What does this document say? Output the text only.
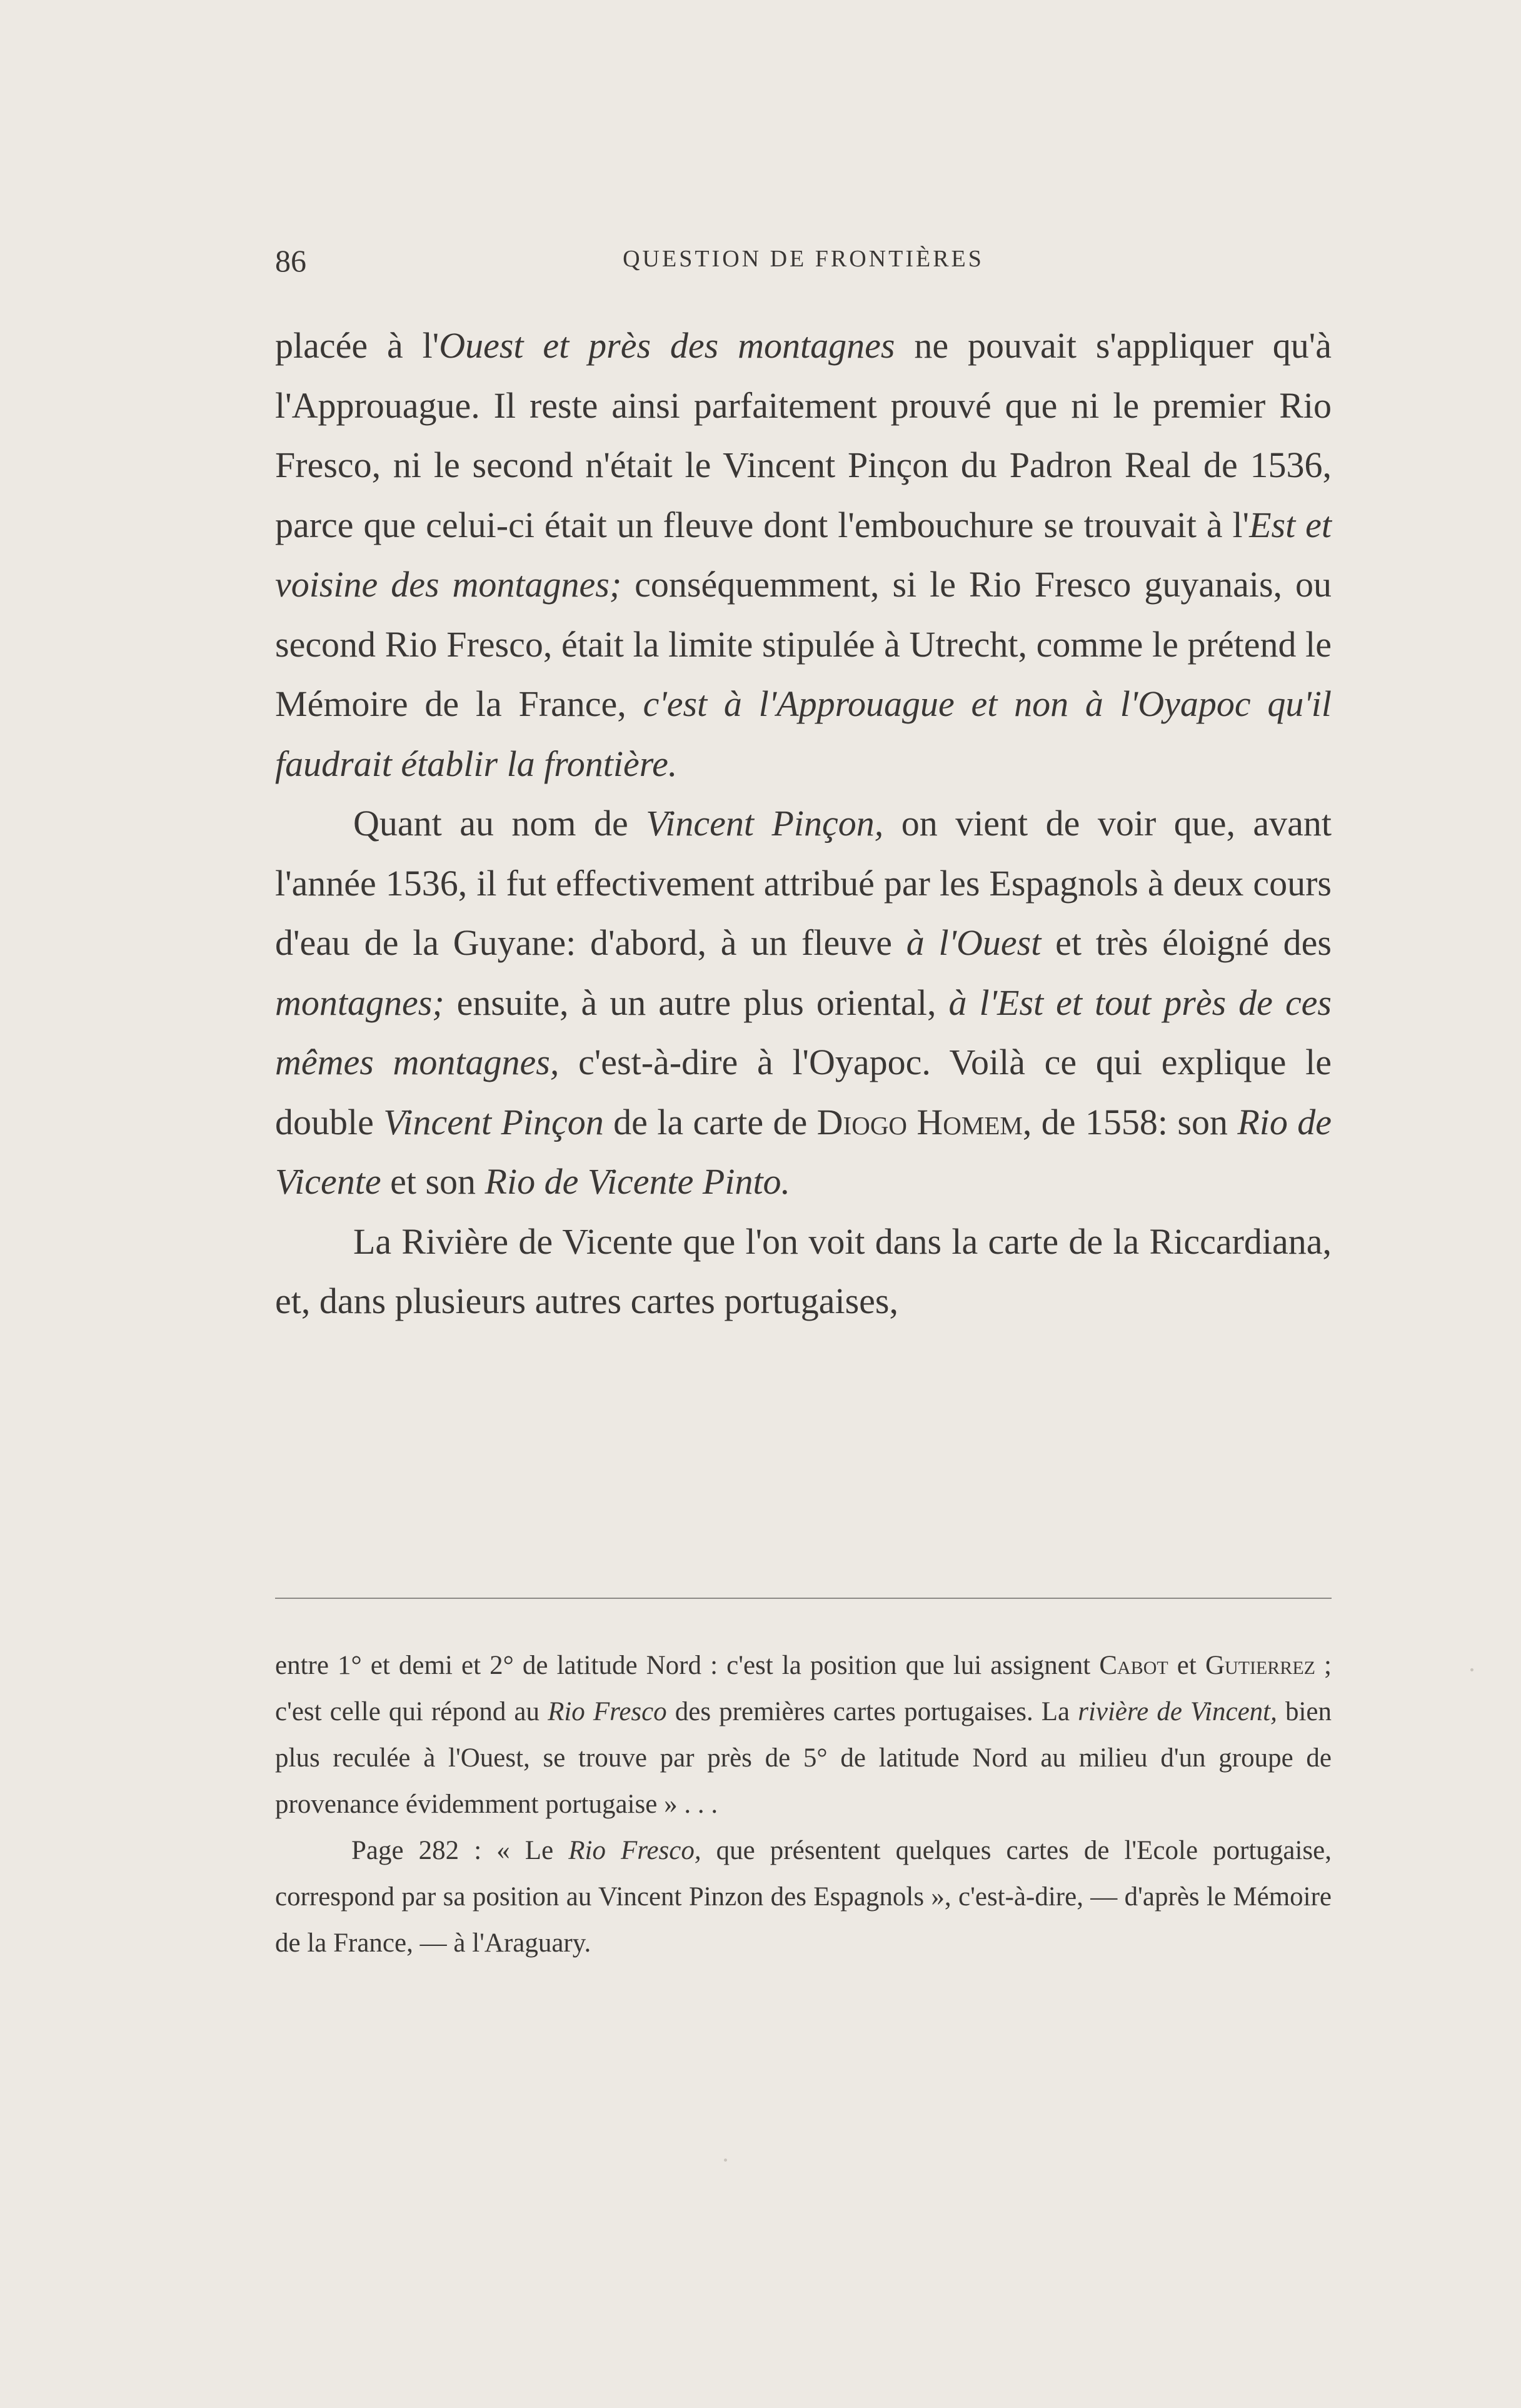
86	QUESTION DE FRONTIÈRES

placée à l'Ouest et près des montagnes ne pouvait s'appliquer qu'à l'Approuague. Il reste ainsi parfaitement prouvé que ni le premier Rio Fresco, ni le second n'était le Vincent Pinçon du Padron Real de 1536, parce que celui-ci était un fleuve dont l'embouchure se trouvait à l'Est et voisine des montagnes; conséquemment, si le Rio Fresco guyanais, ou second Rio Fresco, était la limite stipulée à Utrecht, comme le prétend le Mémoire de la France, c'est à l'Approuague et non à l'Oyapoc qu'il faudrait établir la frontière.

Quant au nom de Vincent Pinçon, on vient de voir que, avant l'année 1536, il fut effectivement attribué par les Espagnols à deux cours d'eau de la Guyane: d'abord, à un fleuve à l'Ouest et très éloigné des montagnes; ensuite, à un autre plus oriental, à l'Est et tout près de ces mêmes montagnes, c'est-à-dire à l'Oyapoc. Voilà ce qui explique le double Vincent Pinçon de la carte de Diogo Homem, de 1558: son Rio de Vicente et son Rio de Vicente Pinto.

La Rivière de Vicente que l'on voit dans la carte de la Riccardiana, et, dans plusieurs autres cartes portugaises,

entre 1° et demi et 2° de latitude Nord : c'est la position que lui assignent Cabot et Gutierrez ; c'est celle qui répond au Rio Fresco des premières cartes portugaises. La rivière de Vincent, bien plus reculée à l'Ouest, se trouve par près de 5° de latitude Nord au milieu d'un groupe de provenance évidemment portugaise » . . .

Page 282 : « Le Rio Fresco, que présentent quelques cartes de l'Ecole portugaise, correspond par sa position au Vincent Pinzon des Espagnols », c'est-à-dire, — d'après le Mémoire de la France, — à l'Araguary.
